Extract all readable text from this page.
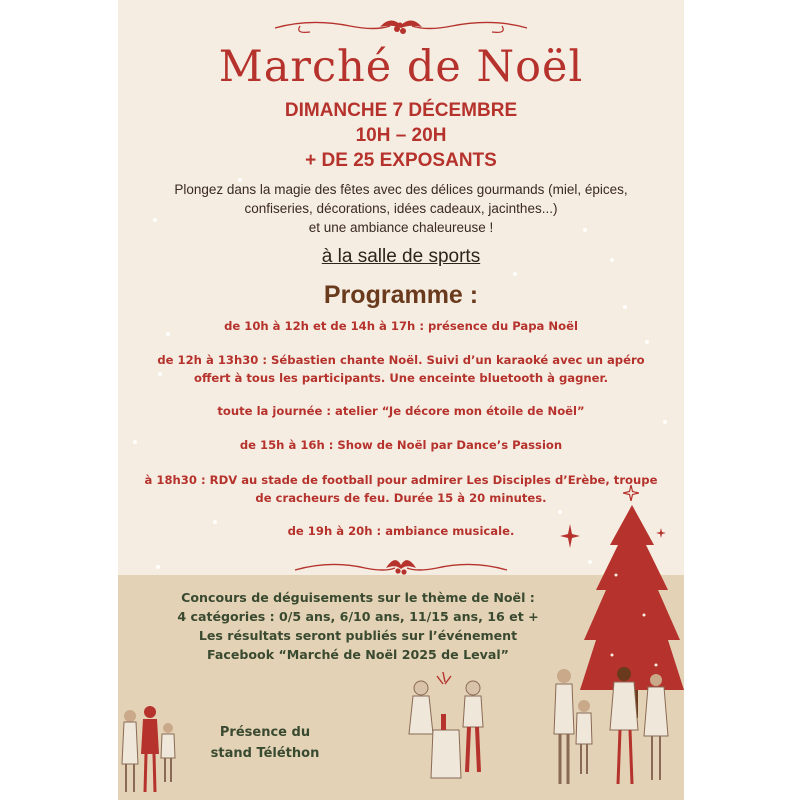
Marché de Noël
DIMANCHE 7 DÉCEMBRE
10H – 20H
+ DE 25 EXPOSANTS
Plongez dans la magie des fêtes avec des délices gourmands (miel, épices,
confiseries, décorations, idées cadeaux, jacinthes...)
et une ambiance chaleureuse !
à la salle de sports
Programme :
de 10h à 12h et de 14h à 17h : présence du Papa Noël
de 12h à 13h30 : Sébastien chante Noël. Suivi d’un karaoké avec un apéro
offert à tous les participants. Une enceinte bluetooth à gagner.
toute la journée : atelier “Je décore mon étoile de Noël”
de 15h à 16h : Show de Noël par Dance’s Passion
à 18h30 : RDV au stade de football pour admirer Les Disciples d’Erèbe, troupe
de cracheurs de feu. Durée 15 à 20 minutes.
de 19h à 20h : ambiance musicale.
Concours de déguisements sur le thème de Noël :
4 catégories : 0/5 ans, 6/10 ans, 11/15 ans, 16 et +
Les résultats seront publiés sur l’événement
Facebook “Marché de Noël 2025 de Leval”
Présence du
stand Téléthon
